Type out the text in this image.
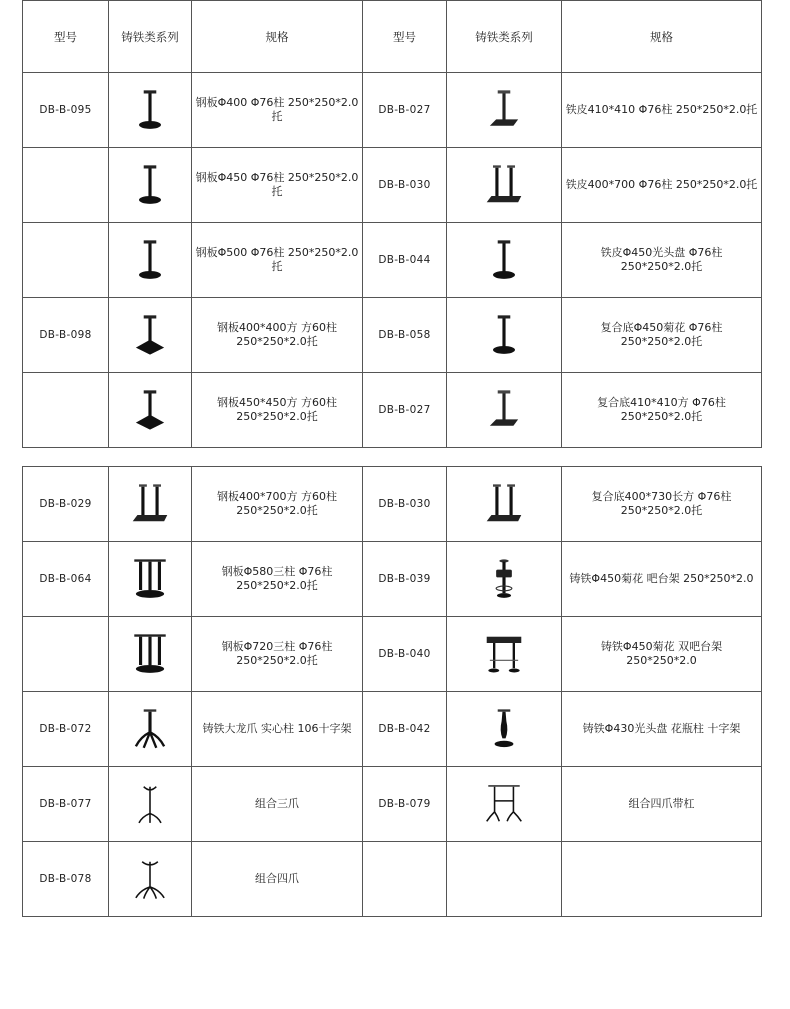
型号	铸铁类系列	规格	型号	铸铁类系列	规格
DB-B-095		钢板Φ400 Φ76柱 250*250*2.0托	DB-B-027		铁皮410*410 Φ76柱 250*250*2.0托

	钢板Φ450 Φ76柱 250*250*2.0托	DB-B-030		铁皮400*700 Φ76柱 250*250*2.0托

	钢板Φ500 Φ76柱 250*250*2.0托	DB-B-044		铁皮Φ450光头盘 Φ76柱 250*250*2.0托
DB-B-098		钢板400*400方 方60柱 250*250*2.0托	DB-B-058		复合底Φ450菊花 Φ76柱 250*250*2.0托

	钢板450*450方 方60柱 250*250*2.0托	DB-B-027		复合底410*410方 Φ76柱 250*250*2.0托
DB-B-029		钢板400*700方 方60柱 250*250*2.0托	DB-B-030		复合底400*730长方 Φ76柱 250*250*2.0托
DB-B-064		钢板Φ580三柱 Φ76柱 250*250*2.0托	DB-B-039		铸铁Φ450菊花 吧台架 250*250*2.0

	钢板Φ720三柱 Φ76柱 250*250*2.0托	DB-B-040		铸铁Φ450菊花 双吧台架 250*250*2.0
DB-B-072		铸铁大龙爪 实心柱 106十字架	DB-B-042		铸铁Φ430光头盘 花瓶柱 十字架
DB-B-077		组合三爪	DB-B-079		组合四爪带杠
DB-B-078		组合四爪		
